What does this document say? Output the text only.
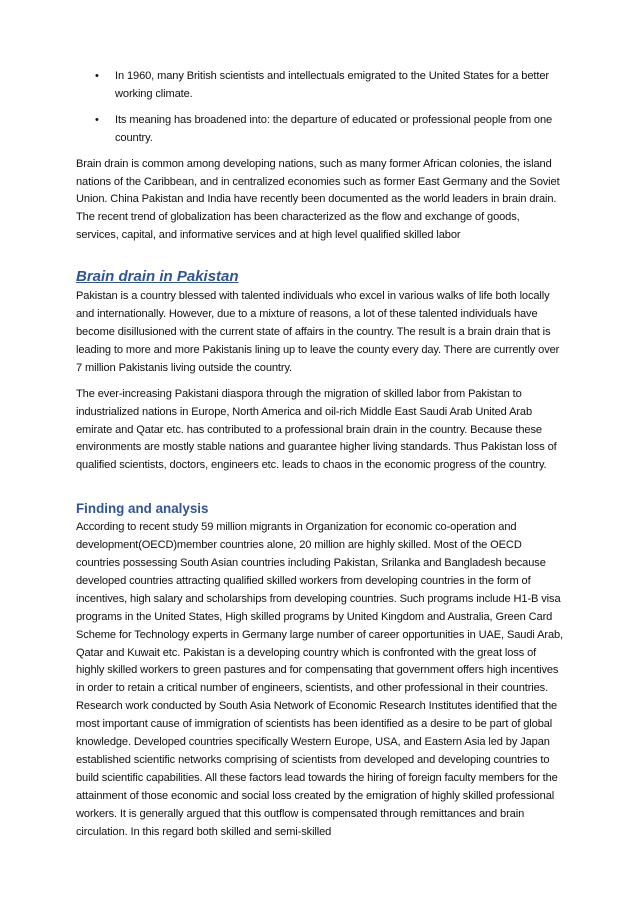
• In 1960, many British scientists and intellectuals emigrated to the United States for a better working climate.
• Its meaning has broadened into: the departure of educated or professional people from one country.

Brain drain is common among developing nations, such as many former African colonies, the island nations of the Caribbean, and in centralized economies such as former East Germany and the Soviet Union. China Pakistan and India have recently been documented as the world leaders in brain drain. The recent trend of globalization has been characterized as the flow and exchange of goods, services, capital, and informative services and at high level qualified skilled labor

Brain drain in Pakistan

Pakistan is a country blessed with talented individuals who excel in various walks of life both locally and internationally. However, due to a mixture of reasons, a lot of these talented individuals have become disillusioned with the current state of affairs in the country. The result is a brain drain that is leading to more and more Pakistanis lining up to leave the county every day. There are currently over 7 million Pakistanis living outside the country.

The ever-increasing Pakistani diaspora through the migration of skilled labor from Pakistan to industrialized nations in Europe, North America and oil-rich Middle East Saudi Arab United Arab emirate and Qatar etc. has contributed to a professional brain drain in the country. Because these environments are mostly stable nations and guarantee higher living standards. Thus Pakistan loss of qualified scientists, doctors, engineers etc. leads to chaos in the economic progress of the country.

Finding and analysis

According to recent study 59 million migrants in Organization for economic co-operation and development(OECD)member countries alone, 20 million are highly skilled. Most of the OECD countries possessing South Asian countries including Pakistan, Srilanka and Bangladesh because developed countries attracting qualified skilled workers from developing countries in the form of incentives, high salary and scholarships from developing countries. Such programs include H1-B visa programs in the United States, High skilled programs by United Kingdom and Australia, Green Card Scheme for Technology experts in Germany large number of career opportunities in UAE, Saudi Arab, Qatar and Kuwait etc. Pakistan is a developing country which is confronted with the great loss of highly skilled workers to green pastures and for compensating that government offers high incentives in order to retain a critical number of engineers, scientists, and other professional in their countries. Research work conducted by South Asia Network of Economic Research Institutes identified that the most important cause of immigration of scientists has been identified as a desire to be part of global knowledge. Developed countries specifically Western Europe, USA, and Eastern Asia led by Japan established scientific networks comprising of scientists from developed and developing countries to build scientific capabilities. All these factors lead towards the hiring of foreign faculty members for the attainment of those economic and social loss created by the emigration of highly skilled professional workers. It is generally argued that this outflow is compensated through remittances and brain circulation. In this regard both skilled and semi-skilled
